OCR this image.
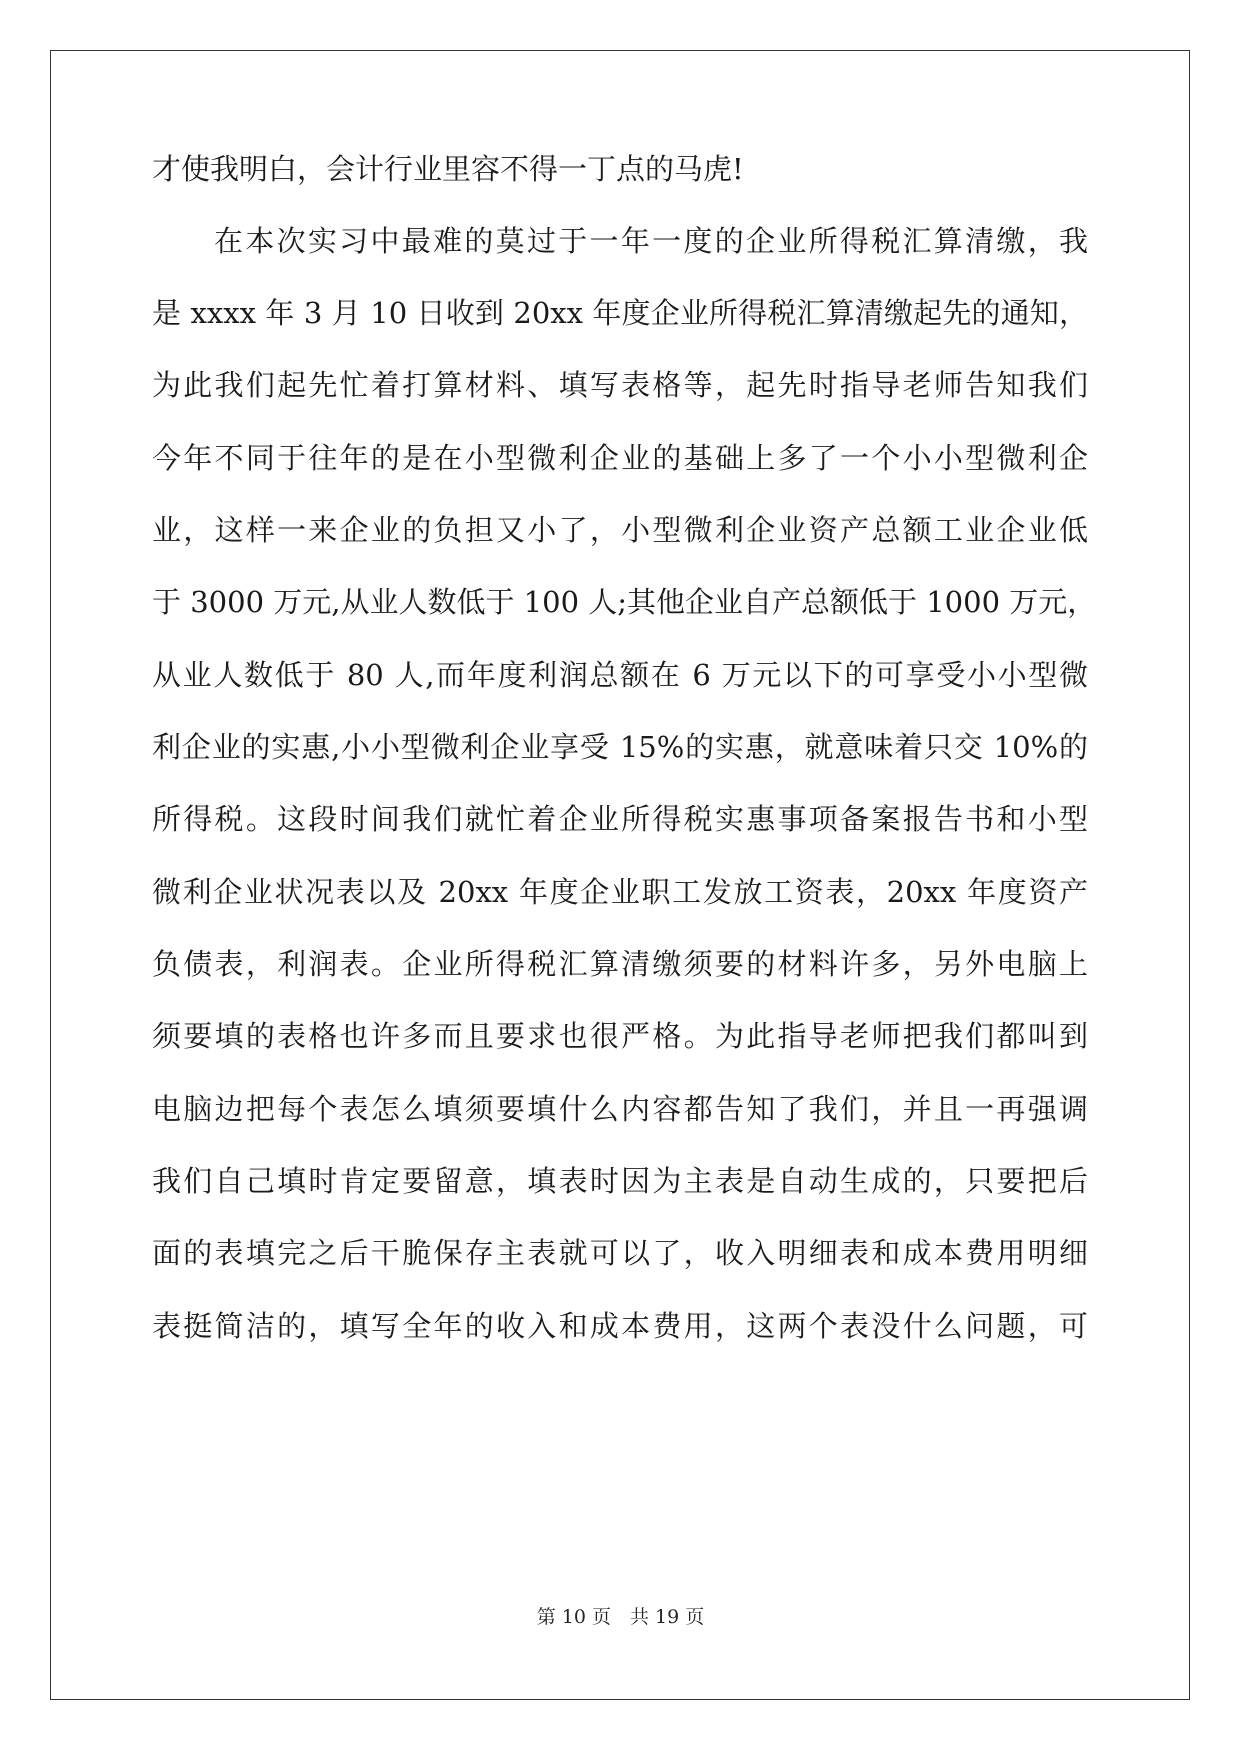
才使我明白，会计行业里容不得一丁点的马虎!
在本次实习中最难的莫过于一年一度的企业所得税汇算清缴，我
是 xxxx 年 3 月 10 日收到 20xx 年度企业所得税汇算清缴起先的通知，
为此我们起先忙着打算材料、填写表格等，起先时指导老师告知我们
今年不同于往年的是在小型微利企业的基础上多了一个小小型微利企
业，这样一来企业的负担又小了，小型微利企业资产总额工业企业低
于 3000 万元,从业人数低于 100 人;其他企业自产总额低于 1000 万元，
从业人数低于 80 人,而年度利润总额在 6 万元以下的可享受小小型微
利企业的实惠,小小型微利企业享受 15%的实惠，就意味着只交 10%的
所得税。这段时间我们就忙着企业所得税实惠事项备案报告书和小型
微利企业状况表以及 20xx 年度企业职工发放工资表，20xx 年度资产
负债表，利润表。企业所得税汇算清缴须要的材料许多，另外电脑上
须要填的表格也许多而且要求也很严格。为此指导老师把我们都叫到
电脑边把每个表怎么填须要填什么内容都告知了我们，并且一再强调
我们自己填时肯定要留意，填表时因为主表是自动生成的，只要把后
面的表填完之后干脆保存主表就可以了，收入明细表和成本费用明细
表挺简洁的，填写全年的收入和成本费用，这两个表没什么问题，可
第 10 页　共 19 页
